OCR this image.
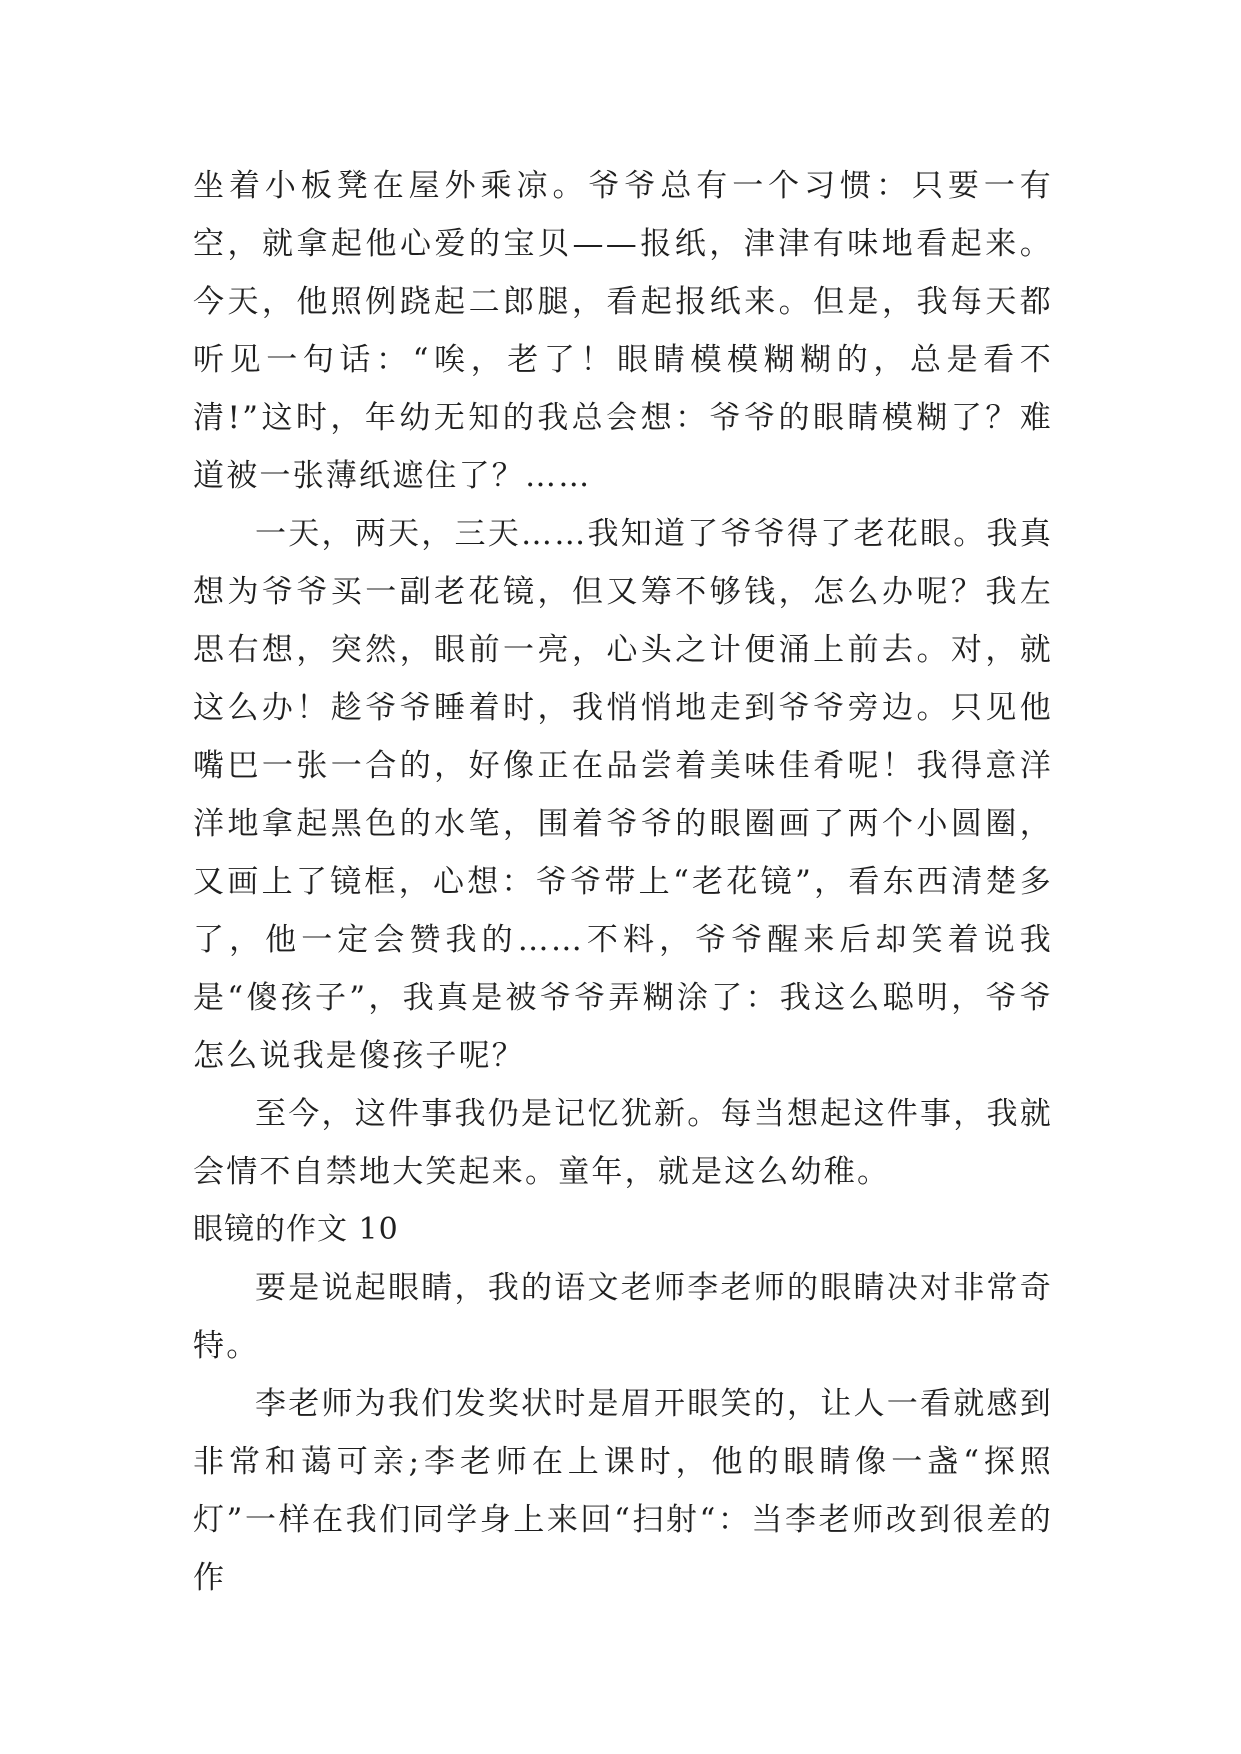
坐着小板凳在屋外乘凉。爷爷总有一个习惯：只要一有空，就拿起他心爱的宝贝——报纸，津津有味地看起来。今天，他照例跷起二郎腿，看起报纸来。但是，我每天都听见一句话：“唉，老了！眼睛模模糊糊的，总是看不清!”这时，年幼无知的我总会想：爷爷的眼睛模糊了？难道被一张薄纸遮住了？……

一天，两天，三天……我知道了爷爷得了老花眼。我真想为爷爷买一副老花镜，但又筹不够钱，怎么办呢？我左思右想，突然，眼前一亮，心头之计便涌上前去。对，就这么办！趁爷爷睡着时，我悄悄地走到爷爷旁边。只见他嘴巴一张一合的，好像正在品尝着美味佳肴呢！我得意洋洋地拿起黑色的水笔，围着爷爷的眼圈画了两个小圆圈，又画上了镜框，心想：爷爷带上“老花镜”，看东西清楚多了，他一定会赞我的……不料，爷爷醒来后却笑着说我是“傻孩子”，我真是被爷爷弄糊涂了：我这么聪明，爷爷怎么说我是傻孩子呢？

至今，这件事我仍是记忆犹新。每当想起这件事，我就会情不自禁地大笑起来。童年，就是这么幼稚。

眼镜的作文 10

要是说起眼睛，我的语文老师李老师的眼睛决对非常奇特。

李老师为我们发奖状时是眉开眼笑的，让人一看就感到非常和蔼可亲;李老师在上课时，他的眼睛像一盏“探照灯”一样在我们同学身上来回“扫射“：当李老师改到很差的作
